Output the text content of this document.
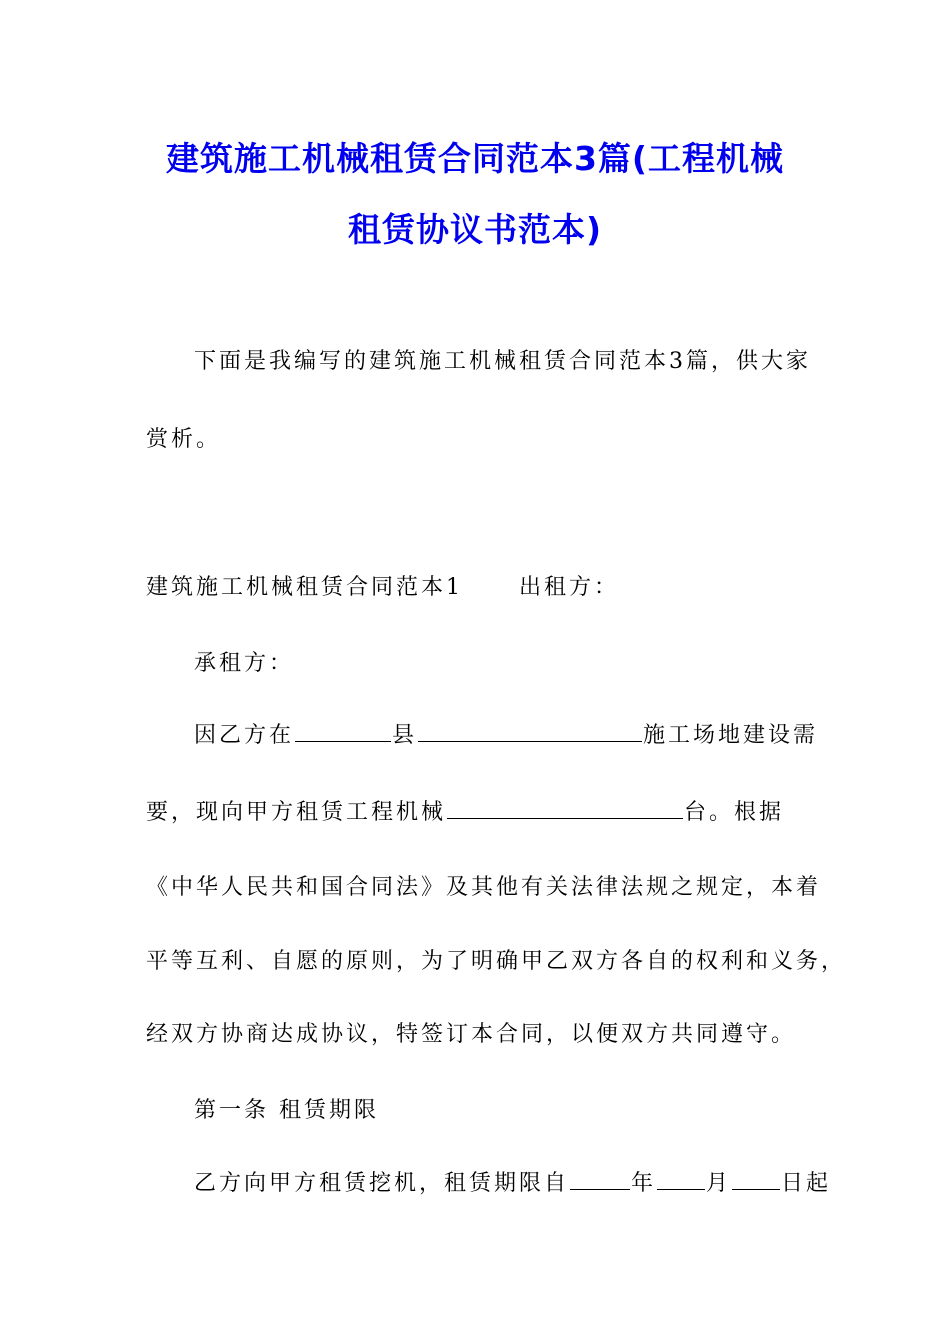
建筑施工机械租赁合同范本3篇(工程机械
租赁协议书范本)
下面是我编写的建筑施工机械租赁合同范本3篇，供大家
赏析。
建筑施工机械租赁合同范本1	出租方：
承租方：
因乙方在	县	施工场地建设需
要，现向甲方租赁工程机械	台。根据
《中华人民共和国合同法》及其他有关法律法规之规定，本着
平等互利、自愿的原则，为了明确甲乙双方各自的权利和义务，
经双方协商达成协议，特签订本合同，以便双方共同遵守。
第一条 租赁期限
乙方向甲方租赁挖机，租赁期限自	年 月 日起
